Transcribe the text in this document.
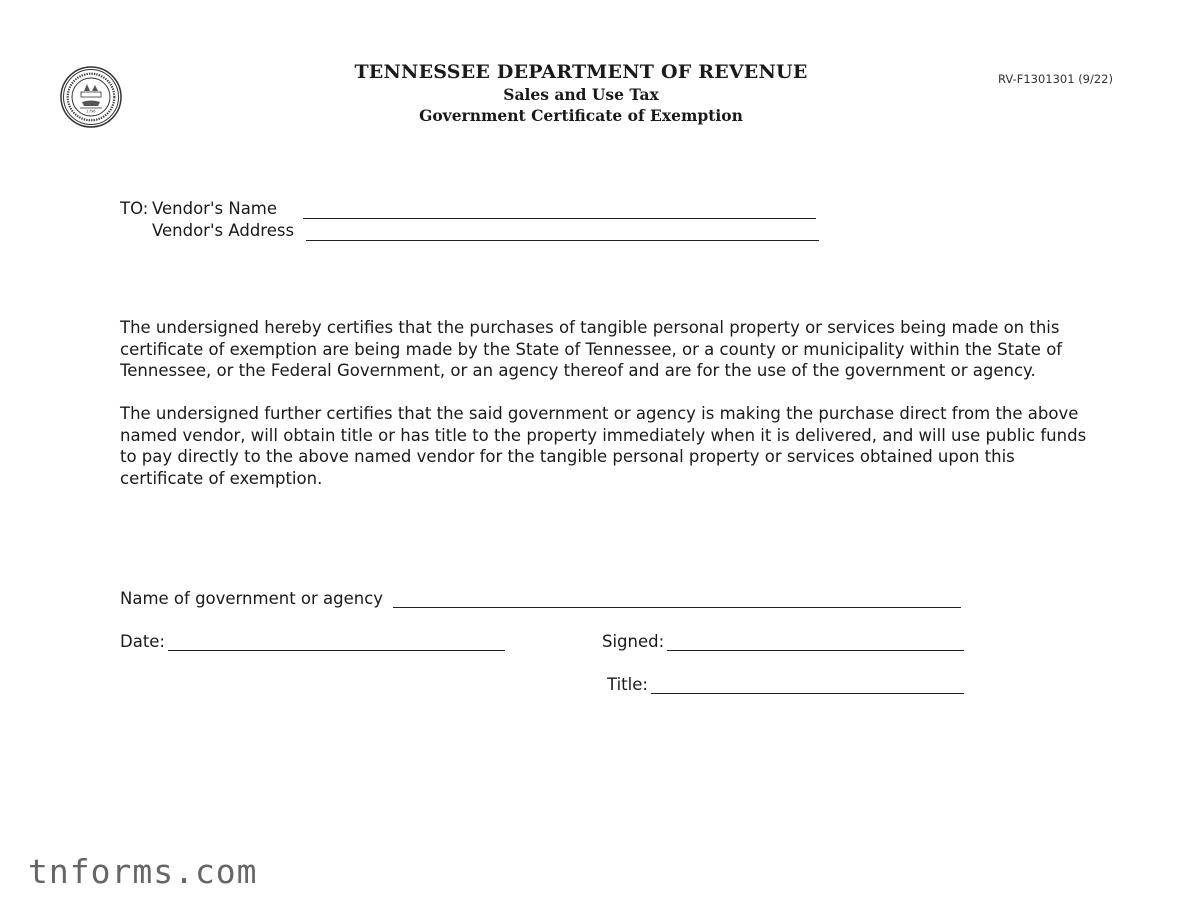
1796
TENNESSEE DEPARTMENT OF REVENUE
Sales and Use Tax
Government Certificate of Exemption
RV-F1301301 (9/22)
TO: Vendor's Name
Vendor's Address
The undersigned hereby certifies that the purchases of tangible personal property or services being made on this certificate of exemption are being made by the State of Tennessee, or a county or municipality within the State of Tennessee, or the Federal Government, or an agency thereof and are for the use of the government or agency.
The undersigned further certifies that the said government or agency is making the purchase direct from the above named vendor, will obtain title or has title to the property immediately when it is delivered, and will use public funds to pay directly to the above named vendor for the tangible personal property or services obtained upon this certificate of exemption.
Name of government or agency
Date:	Signed:
Title:
tnforms.com
